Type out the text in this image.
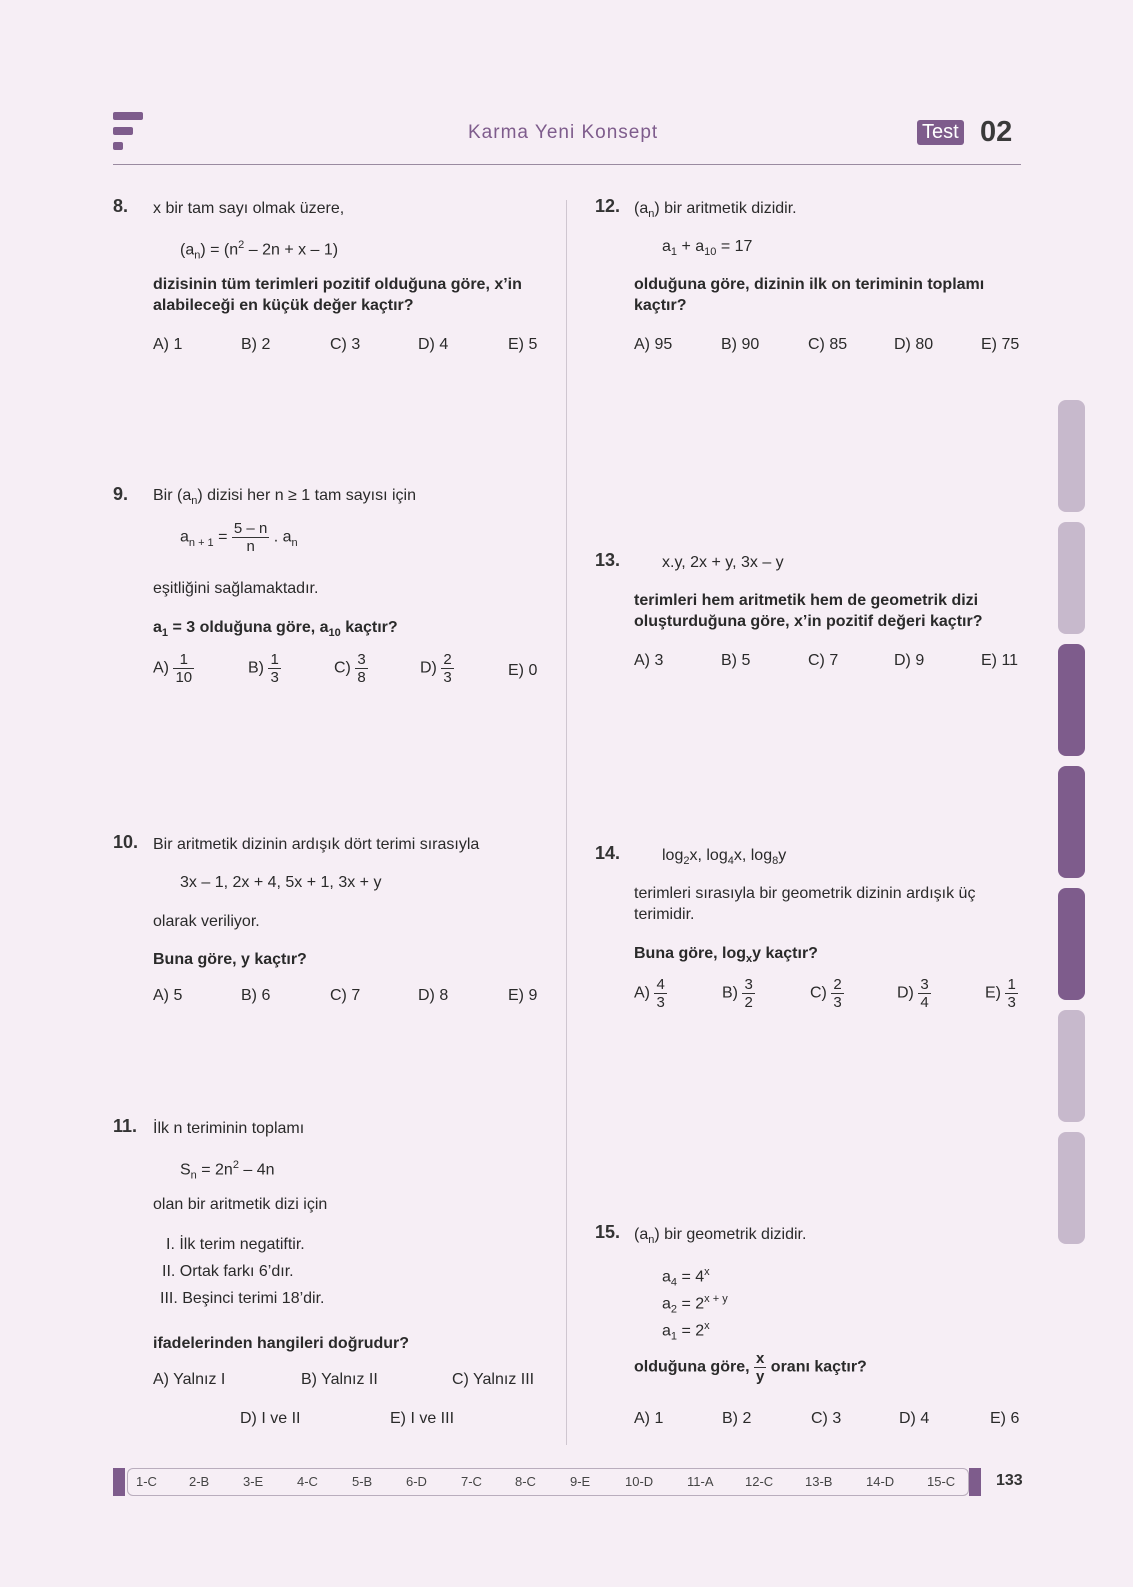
Karma Yeni Konsept	Test 02
8. x bir tam sayı olmak üzere,
$(a_n) = (n^2 - 2n + x - 1)$
dizisinin tüm terimleri pozitif olduğuna göre, x’in
alabileceği en küçük değer kaçtır?
A) 1	B) 2	C) 3	D) 4	E) 5
9. Bir $(a_n)$ dizisi her n ≥ 1 tam sayısı için
$a_{n + 1} = \frac{5 - n}{n}$ . $a_n$
eşitliğini sağlamaktadır.
$a_1 = 3$ olduğuna göre, $a_{10}$ kaçtır?
$A) \frac{1}{10}$	$B) \frac{1}{3}$	$C) \frac{3}{8}$	$D) \frac{2}{3}$	E) 0
10. Bir aritmetik dizinin ardışık dört terimi sırasıyla
3x – 1, 2x + 4, 5x + 1, 3x + y
olarak veriliyor.
Buna göre, y kaçtır?
A) 5	B) 6	C) 7	D) 8	E) 9
11. İlk n teriminin toplamı
$S_n = 2n^2 - 4n$
olan bir aritmetik dizi için
I. İlk terim negatiftir.
II. Ortak farkı 6’dır.
III. Beşinci terimi 18’dir.
ifadelerinden hangileri doğrudur?
A) Yalnız I	B) Yalnız II	C) Yalnız III
D) I ve II	E) I ve III
12. $(a_n)$ bir aritmetik dizidir.
$a_1 + a_{10} = 17$
olduğuna göre, dizinin ilk on teriminin toplamı
kaçtır?
A) 95	B) 90	C) 85	D) 80	E) 75
13.	x.y, 2x + y, 3x – y
terimleri hem aritmetik hem de geometrik dizi
oluşturduğuna göre, x’in pozitif değeri kaçtır?
A) 3	B) 5	C) 7	D) 9	E) 11
14.	$\log_2x$, $\log_4x$, $\log_8y$
terimleri sırasıyla bir geometrik dizinin ardışık üç
terimidir.
Buna göre, $\log_xy$ kaçtır?
$A) \frac{4}{3}$	$B) \frac{3}{2}$	$C) \frac{2}{3}$	$D) \frac{3}{4}$	$E) \frac{1}{3}$
15. $(a_n)$ bir geometrik dizidir.
$a_4 = 4^x$
$a_2 = 2^{x + y}$
$a_1 = 2^x$
olduğuna göre, $\frac{x}{y}$ oranı kaçtır?
A) 1	B) 2	C) 3	D) 4	E) 6
1-C 2-B	3-E	4-C	5-B	6-D	7-C	8-C	9-E	10-D	11-A 12-C 13-B	14-D	15-C	133
